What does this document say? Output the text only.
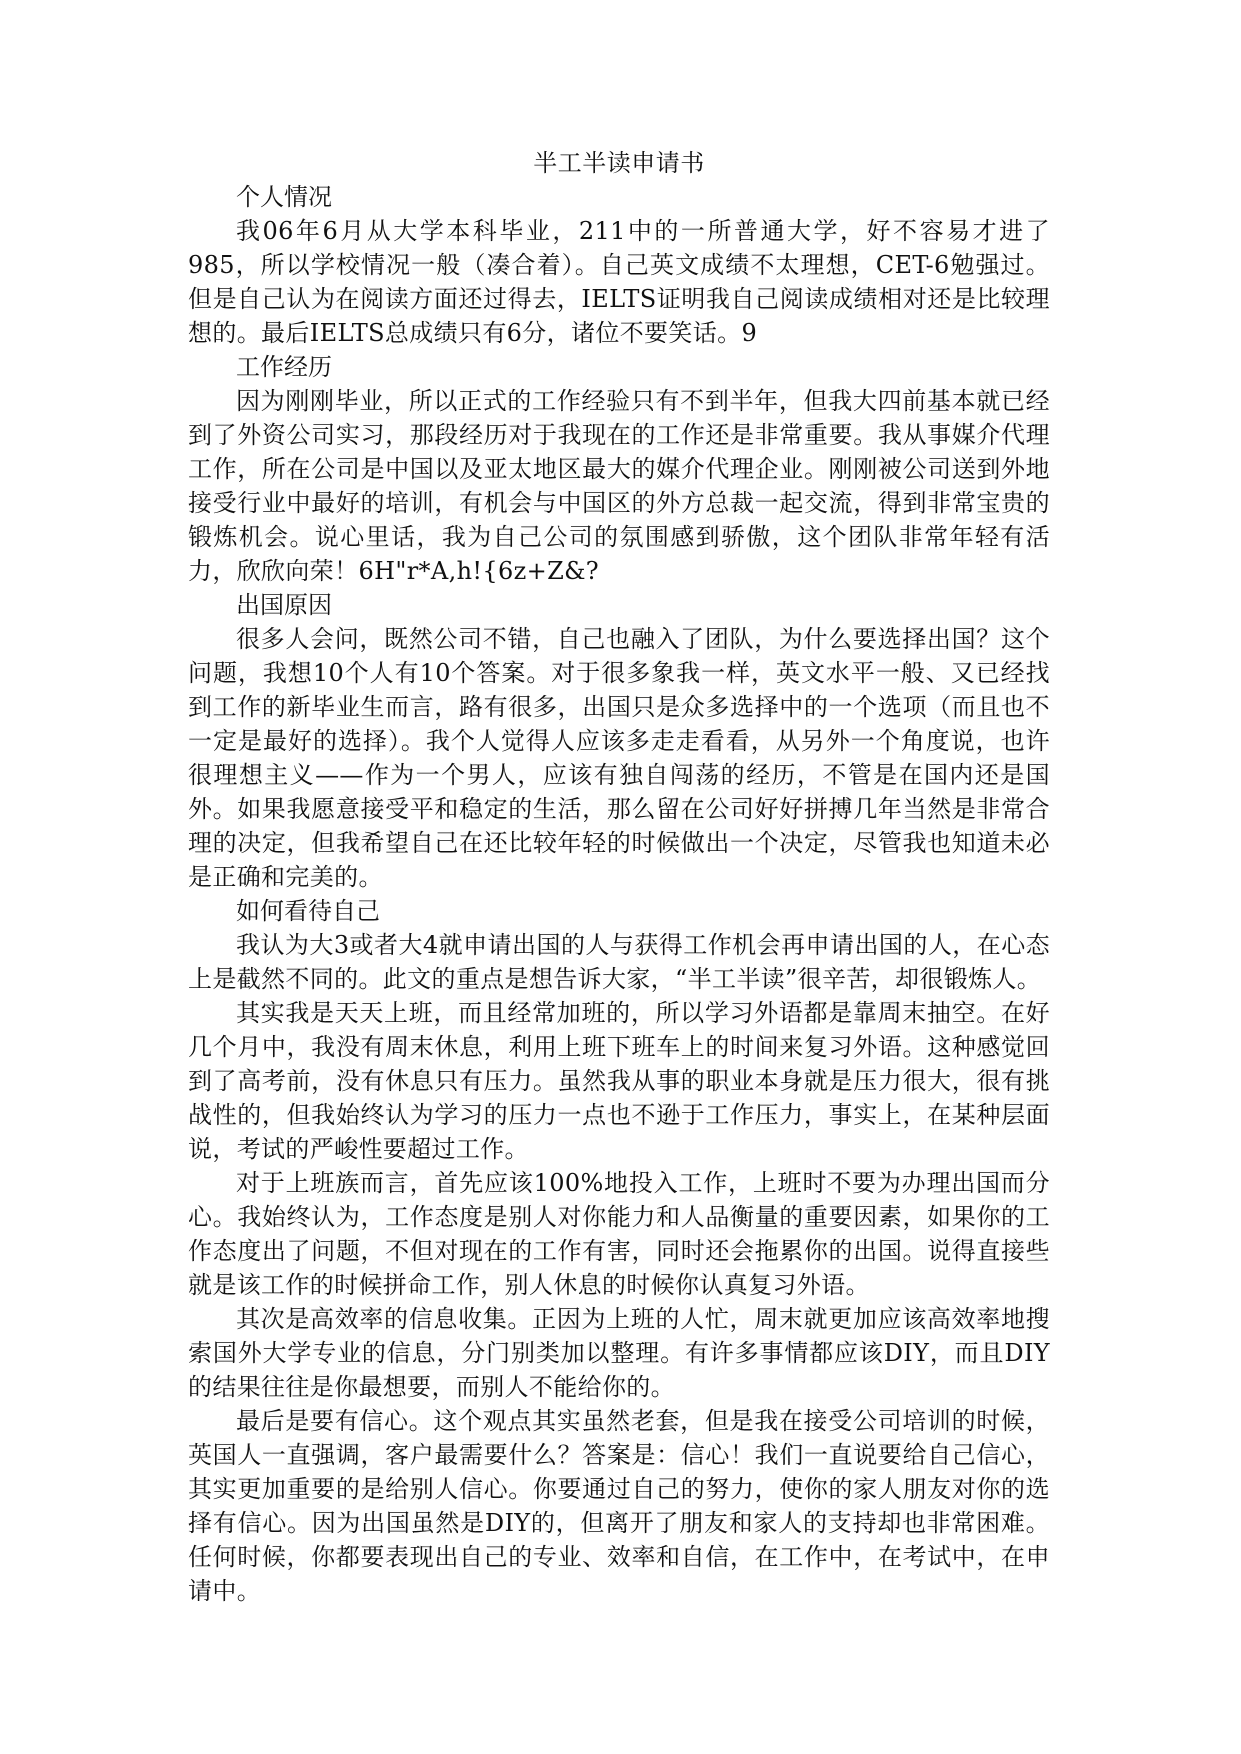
半工半读申请书

个人情况

我06年6月从大学本科毕业，211中的一所普通大学，好不容易才进了985，所以学校情况一般（凑合着）。自己英文成绩不太理想，CET-6勉强过。但是自己认为在阅读方面还过得去，IELTS证明我自己阅读成绩相对还是比较理想的。最后IELTS总成绩只有6分，诸位不要笑话。9

工作经历

因为刚刚毕业，所以正式的工作经验只有不到半年，但我大四前基本就已经到了外资公司实习，那段经历对于我现在的工作还是非常重要。我从事媒介代理工作，所在公司是中国以及亚太地区最大的媒介代理企业。刚刚被公司送到外地接受行业中最好的培训，有机会与中国区的外方总裁一起交流，得到非常宝贵的锻炼机会。说心里话，我为自己公司的氛围感到骄傲，这个团队非常年轻有活力，欣欣向荣！6H"r*A,h!{6z+Z&?

出国原因

很多人会问，既然公司不错，自己也融入了团队，为什么要选择出国？这个问题，我想10个人有10个答案。对于很多象我一样，英文水平一般、又已经找到工作的新毕业生而言，路有很多，出国只是众多选择中的一个选项（而且也不一定是最好的选择）。我个人觉得人应该多走走看看，从另外一个角度说，也许很理想主义——作为一个男人，应该有独自闯荡的经历，不管是在国内还是国外。如果我愿意接受平和稳定的生活，那么留在公司好好拼搏几年当然是非常合理的决定，但我希望自己在还比较年轻的时候做出一个决定，尽管我也知道未必是正确和完美的。

如何看待自己

我认为大3或者大4就申请出国的人与获得工作机会再申请出国的人，在心态上是截然不同的。此文的重点是想告诉大家，“半工半读”很辛苦，却很锻炼人。

其实我是天天上班，而且经常加班的，所以学习外语都是靠周末抽空。在好几个月中，我没有周末休息，利用上班下班车上的时间来复习外语。这种感觉回到了高考前，没有休息只有压力。虽然我从事的职业本身就是压力很大，很有挑战性的，但我始终认为学习的压力一点也不逊于工作压力，事实上，在某种层面说，考试的严峻性要超过工作。

对于上班族而言，首先应该100%地投入工作，上班时不要为办理出国而分心。我始终认为，工作态度是别人对你能力和人品衡量的重要因素，如果你的工作态度出了问题，不但对现在的工作有害，同时还会拖累你的出国。说得直接些就是该工作的时候拼命工作，别人休息的时候你认真复习外语。

其次是高效率的信息收集。正因为上班的人忙，周末就更加应该高效率地搜索国外大学专业的信息，分门别类加以整理。有许多事情都应该DIY，而且DIY的结果往往是你最想要，而别人不能给你的。

最后是要有信心。这个观点其实虽然老套，但是我在接受公司培训的时候，英国人一直强调，客户最需要什么？答案是：信心！我们一直说要给自己信心，其实更加重要的是给别人信心。你要通过自己的努力，使你的家人朋友对你的选择有信心。因为出国虽然是DIY的，但离开了朋友和家人的支持却也非常困难。任何时候，你都要表现出自己的专业、效率和自信，在工作中，在考试中，在申请中。
